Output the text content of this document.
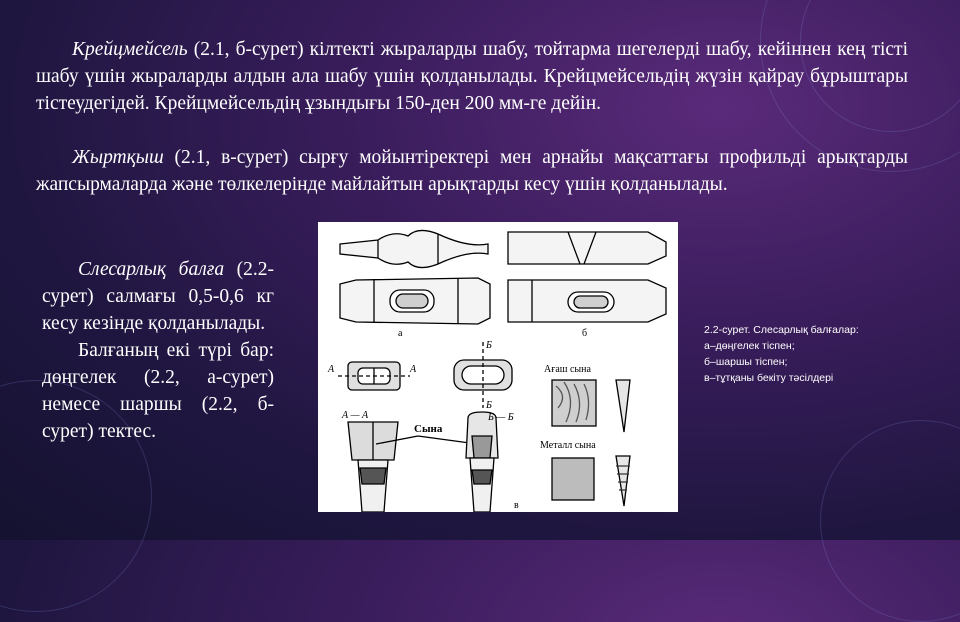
Крейцмейсель (2.1, б-сурет) кілтекті жыраларды шабу, тойтарма шегелерді шабу, кейіннен кең тісті шабу үшін жыраларды алдын ала шабу үшін қолданылады. Крейцмейсельдің жүзін қайрау бұрыштары тістеудегідей. Крейцмейсельдің ұзындығы 150-ден 200 мм-ге дейін.

Жыртқыш (2.1, в-сурет) сырғу мойынтіректері мен арнайы мақсаттағы профильді арықтарды жапсырмаларда және төлкелерінде майлайтын арықтарды кесу үшін қолданылады.

Слесарлық балға (2.2-сурет) салмағы 0,5-0,6 кг кесу кезінде қолданылады.

Балғаның екі түрі бар: дөңгелек (2.2, а-сурет) немесе шаршы (2.2, б-сурет) тектес.

а	б
в
А	А
Б
Б
А — А	Б — Б
Сына
Ағаш сына
Металл сына
2.2-сурет. Слесарлық балғалар:
а–дөңгелек тіспен;
б–шаршы тіспен;
в–тұтқаны бекіту тәсілдері
